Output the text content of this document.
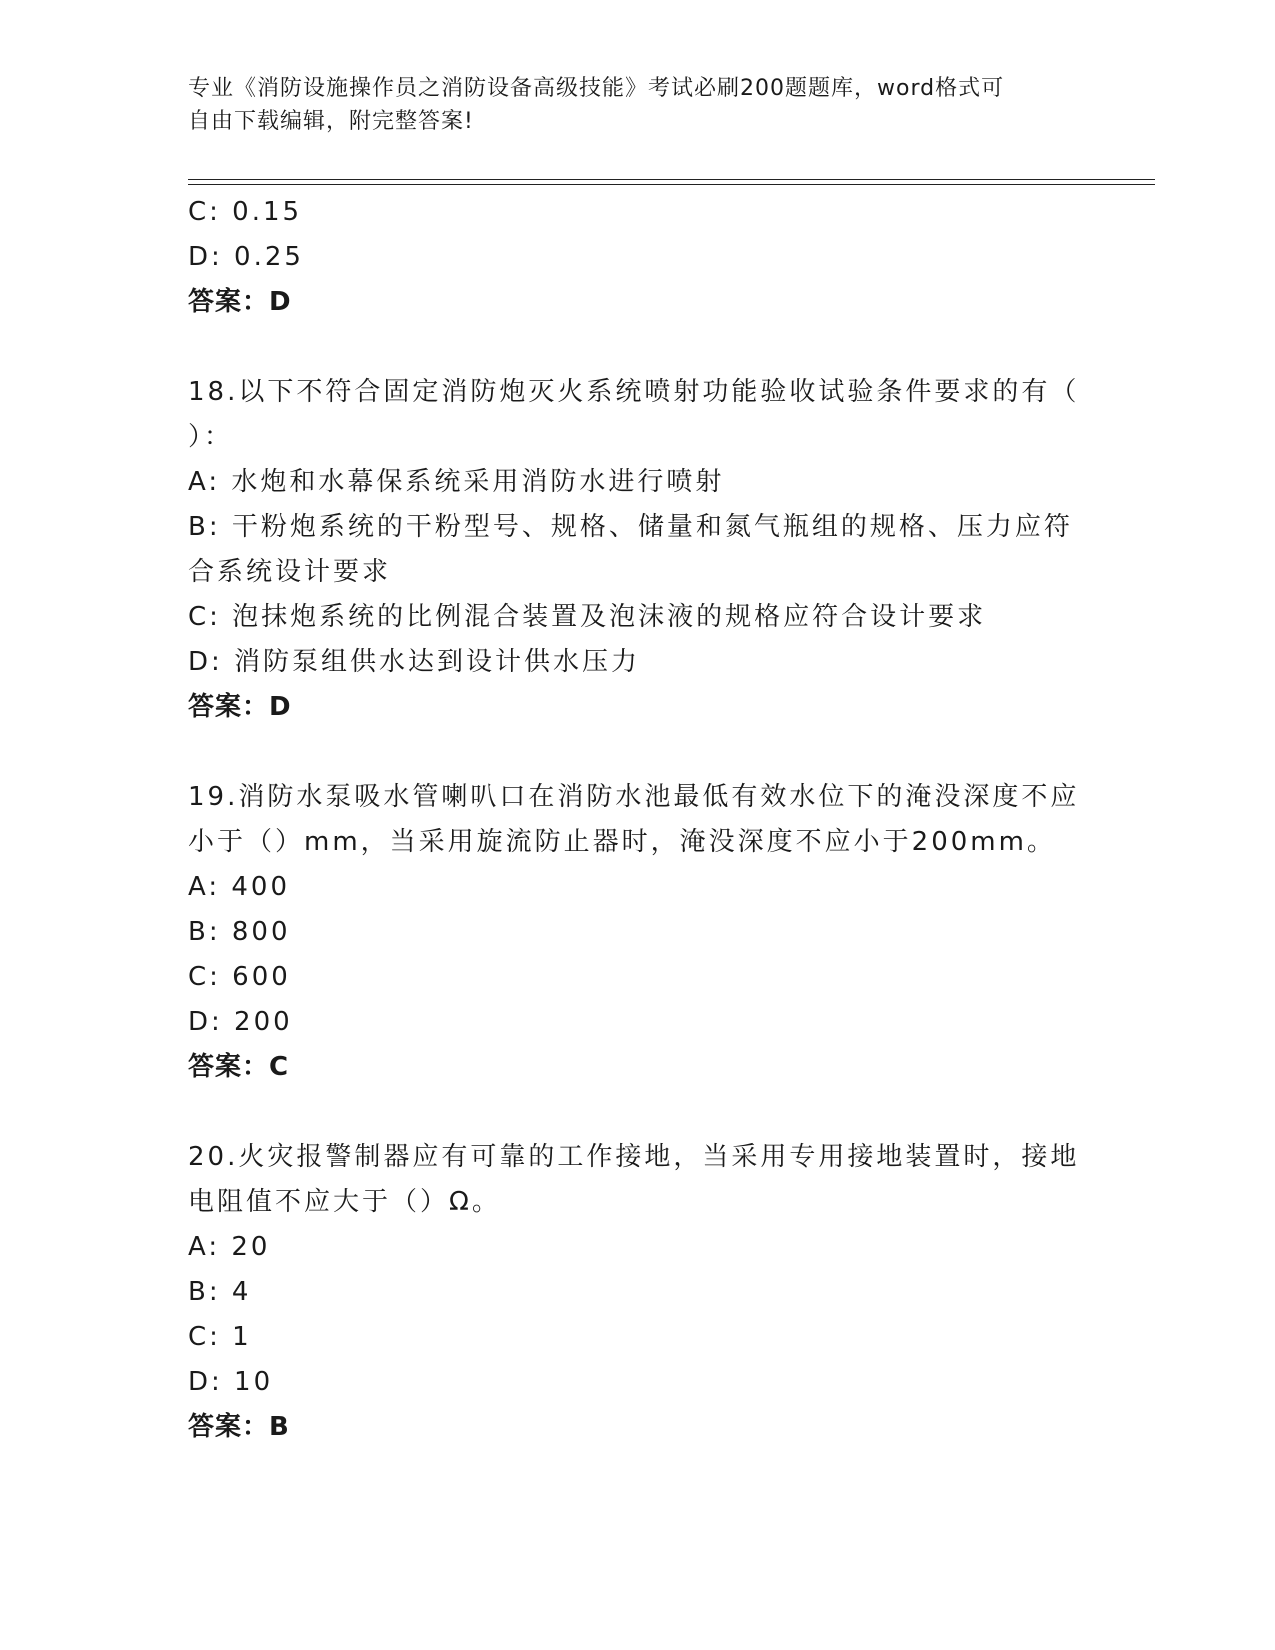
专业《消防设施操作员之消防设备高级技能》考试必刷200题题库，word格式可
自由下载编辑，附完整答案!
C: 0.15
D: 0.25
答案：D
18.以下不符合固定消防炮灭火系统喷射功能验收试验条件要求的有（
）：
A: 水炮和水幕保系统采用消防水进行喷射
B: 干粉炮系统的干粉型号、规格、储量和氮气瓶组的规格、压力应符
合系统设计要求
C: 泡抹炮系统的比例混合装置及泡沫液的规格应符合设计要求
D: 消防泵组供水达到设计供水压力
答案：D
19.消防水泵吸水管喇叭口在消防水池最低有效水位下的淹没深度不应
小于（）mm，当采用旋流防止器时，淹没深度不应小于200mm。
A: 400
B: 800
C: 600
D: 200
答案：C
20.火灾报警制器应有可靠的工作接地，当采用专用接地装置时，接地
电阻值不应大于（）Ω。
A: 20
B: 4
C: 1
D: 10
答案：B
